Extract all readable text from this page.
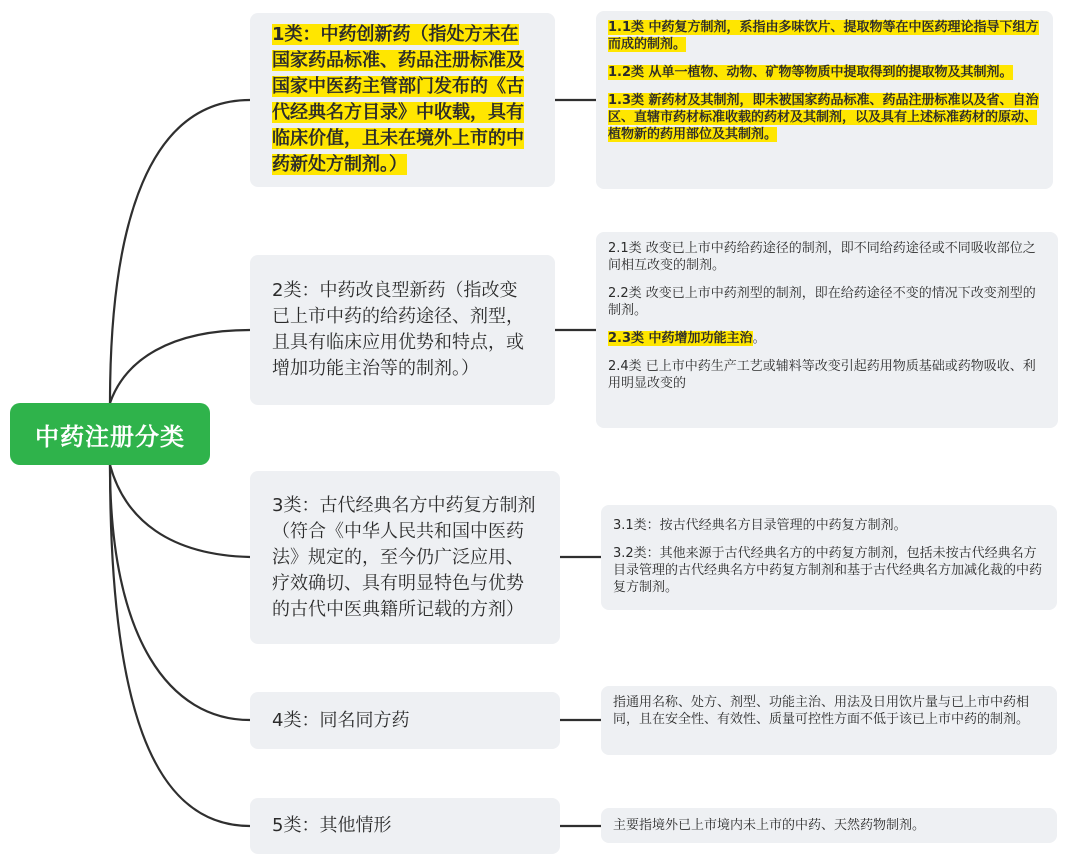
中药注册分类
1类：中药创新药（指处方未在国家药品标准、药品注册标准及国家中医药主管部门发布的《古代经典名方目录》中收载，具有临床价值，且未在境外上市的中药新处方制剂。）

1.1类 中药复方制剂，系指由多味饮片、提取物等在中医药理论指导下组方而成的制剂。

1.2类 从单一植物、动物、矿物等物质中提取得到的提取物及其制剂。

1.3类 新药材及其制剂，即未被国家药品标准、药品注册标准以及省、自治区、直辖市药材标准收载的药材及其制剂，以及具有上述标准药材的原动、植物新的药用部位及其制剂。

2类：中药改良型新药（指改变已上市中药的给药途径、剂型，且具有临床应用优势和特点，或增加功能主治等的制剂。）

2.1类 改变已上市中药给药途径的制剂，即不同给药途径或不同吸收部位之间相互改变的制剂。

2.2类 改变已上市中药剂型的制剂，即在给药途径不变的情况下改变剂型的制剂。

2.3类 中药增加功能主治。

2.4类 已上市中药生产工艺或辅料等改变引起药用物质基础或药物吸收、利用明显改变的

3类：古代经典名方中药复方制剂（符合《中华人民共和国中医药法》规定的，至今仍广泛应用、疗效确切、具有明显特色与优势的古代中医典籍所记载的方剂）

3.1类：按古代经典名方目录管理的中药复方制剂。

3.2类：其他来源于古代经典名方的中药复方制剂，包括未按古代经典名方目录管理的古代经典名方中药复方制剂和基于古代经典名方加减化裁的中药复方制剂。

4类：同名同方药

指通用名称、处方、剂型、功能主治、用法及日用饮片量与已上市中药相同，且在安全性、有效性、质量可控性方面不低于该已上市中药的制剂。

5类：其他情形	主要指境外已上市境内未上市的中药、天然药物制剂。
